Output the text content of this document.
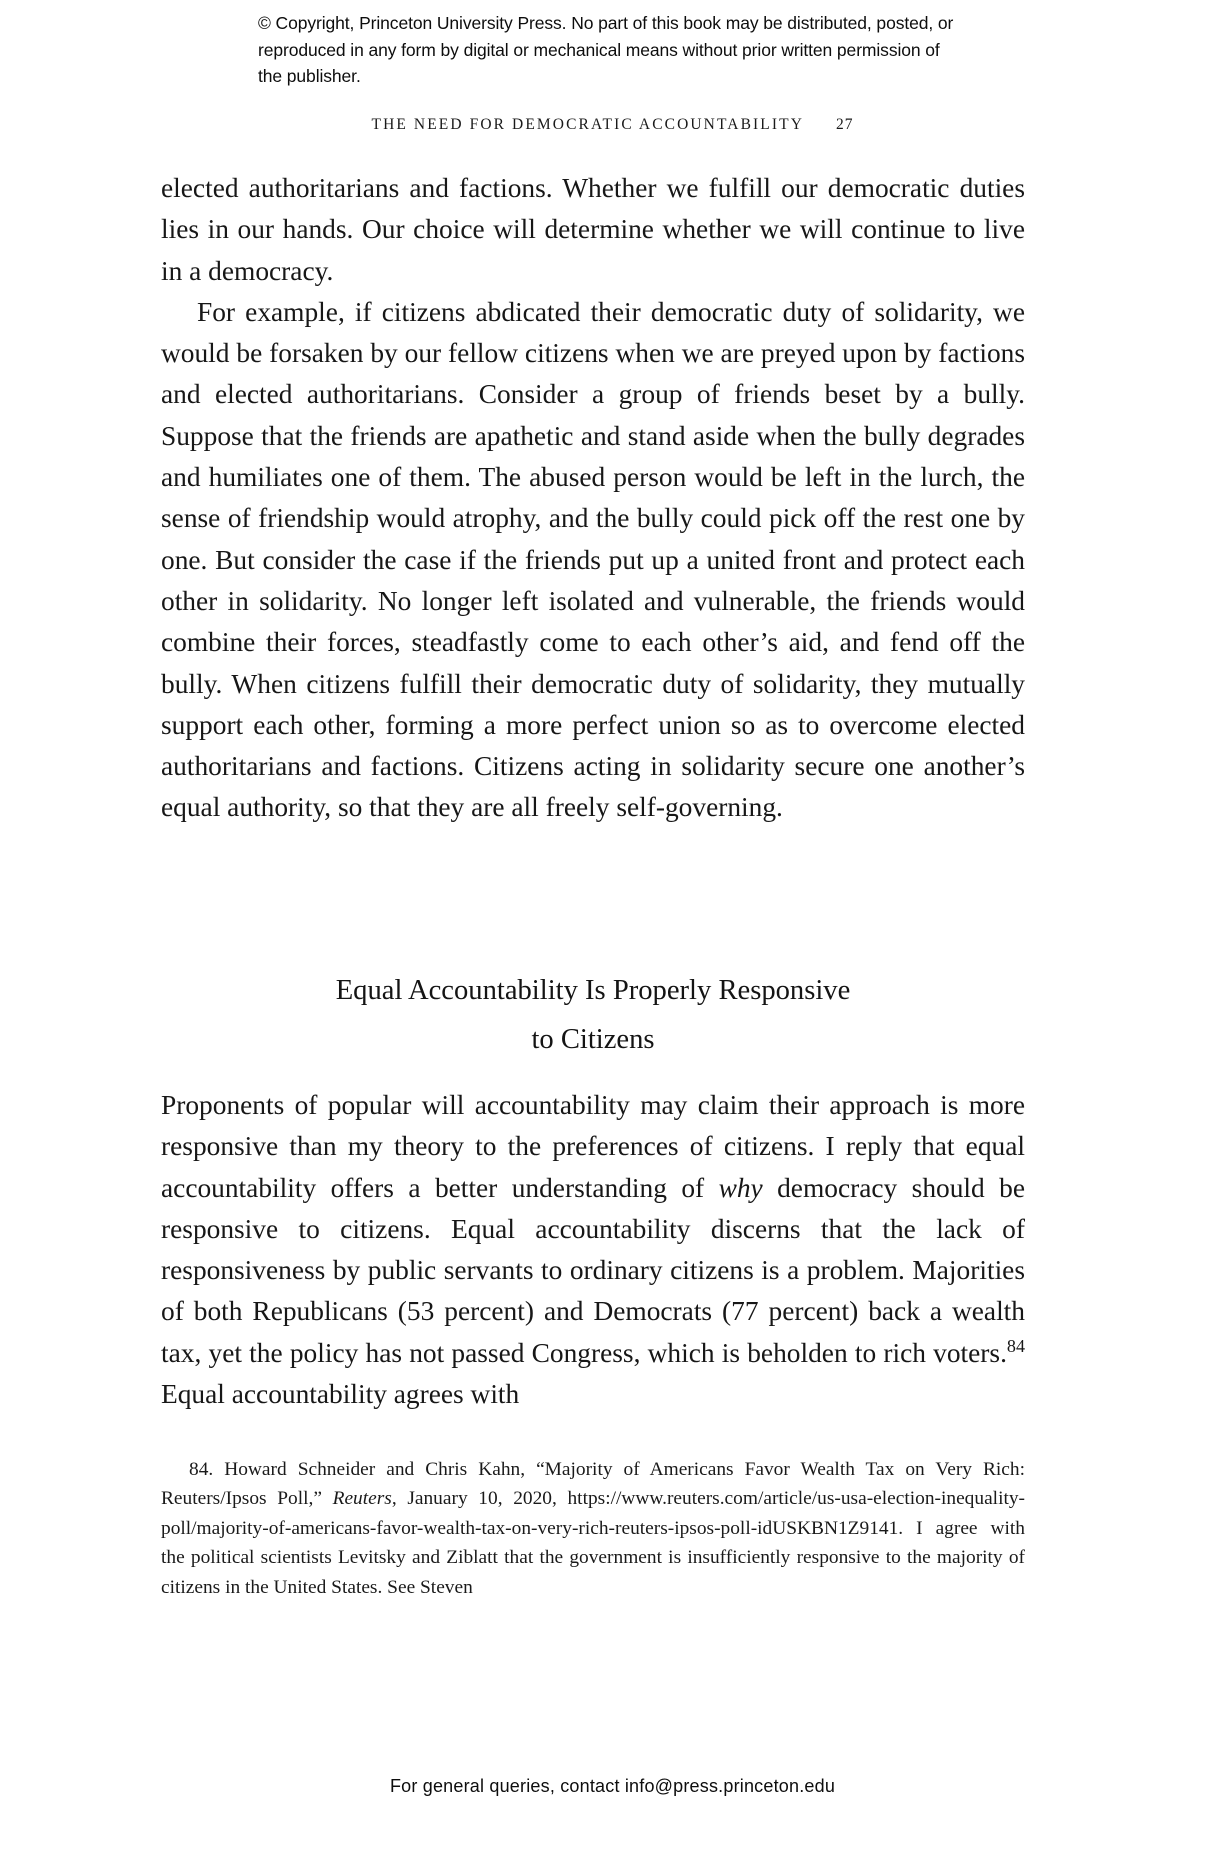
© Copyright, Princeton University Press. No part of this book may be distributed, posted, or reproduced in any form by digital or mechanical means without prior written permission of the publisher.
THE NEED FOR DEMOCRATIC ACCOUNTABILITY 27

elected authoritarians and factions. Whether we fulfill our democratic duties lies in our hands. Our choice will determine whether we will continue to live in a democracy.

For example, if citizens abdicated their democratic duty of solidarity, we would be forsaken by our fellow citizens when we are preyed upon by factions and elected authoritarians. Consider a group of friends beset by a bully. Suppose that the friends are apathetic and stand aside when the bully degrades and humiliates one of them. The abused person would be left in the lurch, the sense of friendship would atrophy, and the bully could pick off the rest one by one. But consider the case if the friends put up a united front and protect each other in solidarity. No longer left isolated and vulnerable, the friends would combine their forces, steadfastly come to each other’s aid, and fend off the bully. When citizens fulfill their democratic duty of solidarity, they mutually support each other, forming a more perfect union so as to overcome elected authoritarians and factions. Citizens acting in solidarity secure one another’s equal authority, so that they are all freely self-governing.

Equal Accountability Is Properly Responsive
to Citizens

Proponents of popular will accountability may claim their approach is more responsive than my theory to the preferences of citizens. I reply that equal accountability offers a better understanding of why democracy should be responsive to citizens. Equal accountability discerns that the lack of responsiveness by public servants to ordinary citizens is a problem. Majorities of both Republicans (53 percent) and Democrats (77 percent) back a wealth tax, yet the policy has not passed Congress, which is beholden to rich voters.$^{84}$ Equal accountability agrees with

84. Howard Schneider and Chris Kahn, “Majority of Americans Favor Wealth Tax on Very Rich: Reuters/Ipsos Poll,” Reuters, January 10, 2020, https://www.reuters.com/article/us-usa-election-inequality-poll/majority-of-americans-favor-wealth-tax-on-very-rich-reuters-ipsos-poll-idUSKBN1Z9141. I agree with the political scientists Levitsky and Ziblatt that the government is insufficiently responsive to the majority of citizens in the United States. See Steven
For general queries, contact info@press.princeton.edu
